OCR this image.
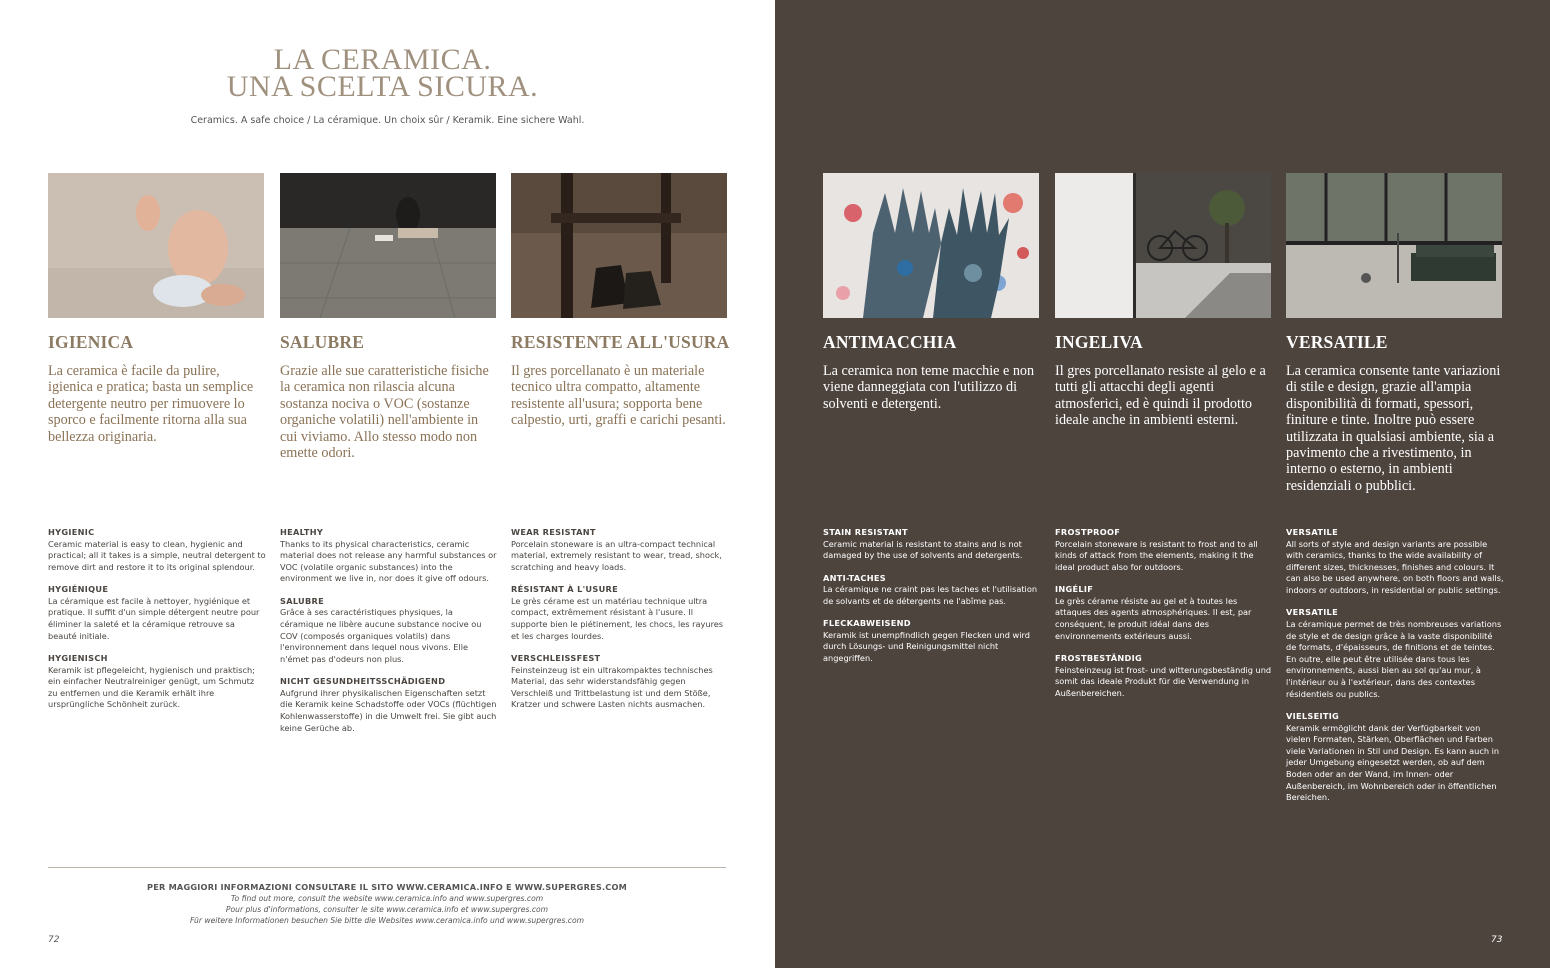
LA CERAMICA.
UNA SCELTA SICURA.
Ceramics. A safe choice / La céramique. Un choix sûr / Keramik. Eine sichere Wahl.
IGIENICA
La ceramica è facile da pulire, igienica e pratica; basta un semplice detergente neutro per rimuovere lo sporco e facilmente ritorna alla sua bellezza originaria.
HYGIENIC
Ceramic material is easy to clean, hygienic and practical; all it takes is a simple, neutral detergent to remove dirt and restore it to its original splendour.
HYGIÉNIQUE
La céramique est facile à nettoyer, hygiénique et pratique. Il suffit d'un simple détergent neutre pour éliminer la saleté et la céramique retrouve sa beauté initiale.
HYGIENISCH
Keramik ist pflegeleicht, hygienisch und praktisch; ein einfacher Neutralreiniger genügt, um Schmutz zu entfernen und die Keramik erhält ihre ursprüngliche Schönheit zurück.
SALUBRE
Grazie alle sue caratteristiche fisiche la ceramica non rilascia alcuna sostanza nociva o VOC (sostanze organiche volatili) nell'ambiente in cui viviamo. Allo stesso modo non emette odori.
HEALTHY
Thanks to its physical characteristics, ceramic material does not release any harmful substances or VOC (volatile organic substances) into the environment we live in, nor does it give off odours.
SALUBRE
Grâce à ses caractéristiques physiques, la céramique ne libère aucune substance nocive ou COV (composés organiques volatils) dans l'environnement dans lequel nous vivons. Elle n'émet pas d'odeurs non plus.
NICHT GESUNDHEITSSCHÄDIGEND
Aufgrund ihrer physikalischen Eigenschaften setzt die Keramik keine Schadstoffe oder VOCs (flüchtigen Kohlenwasserstoffe) in die Umwelt frei. Sie gibt auch keine Gerüche ab.
RESISTENTE ALL'USURA
Il gres porcellanato è un materiale tecnico ultra compatto, altamente resistente all'usura; sopporta bene calpestio, urti, graffi e carichi pesanti.
WEAR RESISTANT
Porcelain stoneware is an ultra-compact technical material, extremely resistant to wear, tread, shock, scratching and heavy loads.
RÉSISTANT À L'USURE
Le grès cérame est un matériau technique ultra compact, extrêmement résistant à l'usure. Il supporte bien le piétinement, les chocs, les rayures et les charges lourdes.
VERSCHLEISSFEST
Feinsteinzeug ist ein ultrakompaktes technisches Material, das sehr widerstandsfähig gegen Verschleiß und Trittbelastung ist und dem Stöße, Kratzer und schwere Lasten nichts ausmachen.
PER MAGGIORI INFORMAZIONI CONSULTARE IL SITO WWW.CERAMICA.INFO E WWW.SUPERGRES.COM
To find out more, consult the website www.ceramica.info and www.supergres.com
Pour plus d'informations, consulter le site www.ceramica.info et www.supergres.com
Für weitere Informationen besuchen Sie bitte die Websites www.ceramica.info und www.supergres.com
72
ANTIMACCHIA
La ceramica non teme macchie e non viene danneggiata con l'utilizzo di solventi e detergenti.
STAIN RESISTANT
Ceramic material is resistant to stains and is not damaged by the use of solvents and detergents.
ANTI-TACHES
La céramique ne craint pas les taches et l'utilisation de solvants et de détergents ne l'abîme pas.
FLECKABWEISEND
Keramik ist unempfindlich gegen Flecken und wird durch Lösungs- und Reinigungsmittel nicht angegriffen.
INGELIVA
Il gres porcellanato resiste al gelo e a tutti gli attacchi degli agenti atmosferici, ed è quindi il prodotto ideale anche in ambienti esterni.
FROSTPROOF
Porcelain stoneware is resistant to frost and to all kinds of attack from the elements, making it the ideal product also for outdoors.
INGÉLIF
Le grès cérame résiste au gel et à toutes les attaques des agents atmosphériques. Il est, par conséquent, le produit idéal dans des environnements extérieurs aussi.
FROSTBESTÄNDIG
Feinsteinzeug ist frost- und witterungsbeständig und somit das ideale Produkt für die Verwendung in Außenbereichen.
VERSATILE
La ceramica consente tante variazioni di stile e design, grazie all'ampia disponibilità di formati, spessori, finiture e tinte. Inoltre può essere utilizzata in qualsiasi ambiente, sia a pavimento che a rivestimento, in interno o esterno, in ambienti residenziali o pubblici.
VERSATILE
All sorts of style and design variants are possible with ceramics, thanks to the wide availability of different sizes, thicknesses, finishes and colours. It can also be used anywhere, on both floors and walls, indoors or outdoors, in residential or public settings.
VERSATILE
La céramique permet de très nombreuses variations de style et de design grâce à la vaste disponibilité de formats, d'épaisseurs, de finitions et de teintes. En outre, elle peut être utilisée dans tous les environnements, aussi bien au sol qu'au mur, à l'intérieur ou à l'extérieur, dans des contextes résidentiels ou publics.
VIELSEITIG
Keramik ermöglicht dank der Verfügbarkeit von vielen Formaten, Stärken, Oberflächen und Farben viele Variationen in Stil und Design. Es kann auch in jeder Umgebung eingesetzt werden, ob auf dem Boden oder an der Wand, im Innen- oder Außenbereich, im Wohnbereich oder in öffentlichen Bereichen.
73
